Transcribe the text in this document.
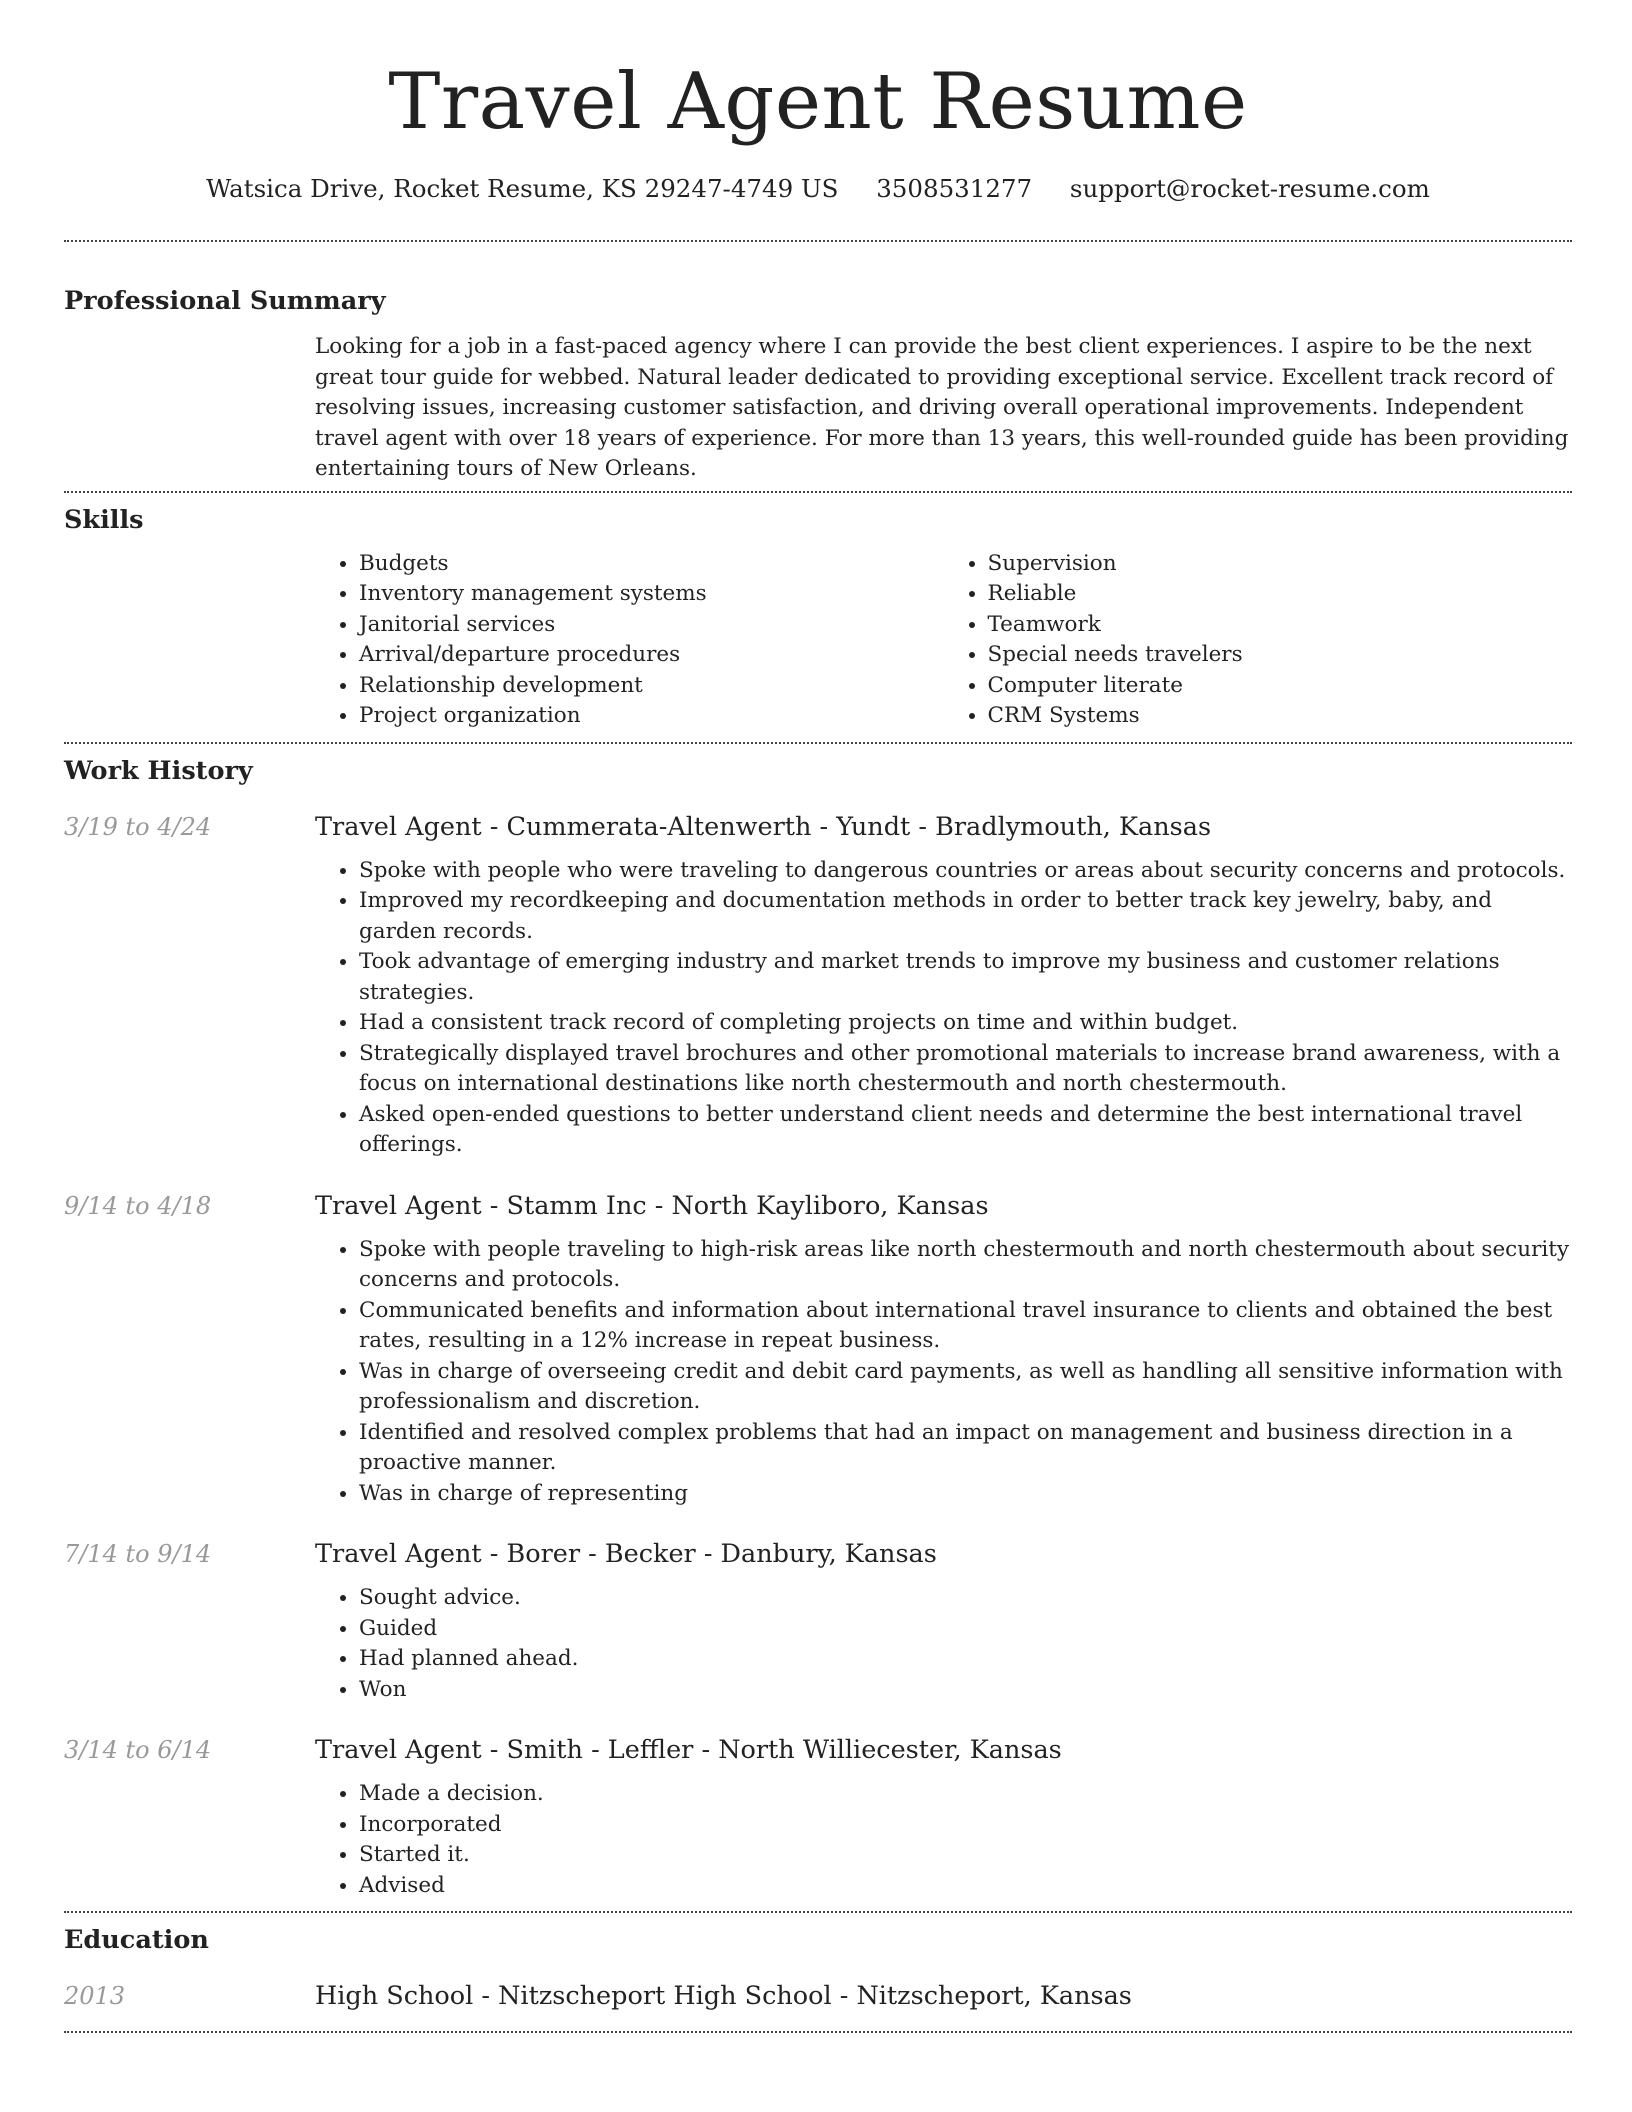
Travel Agent Resume
Watsica Drive, Rocket Resume, KS 29247-4749 US 3508531277 support@rocket-resume.com
Professional Summary

Looking for a job in a fast-paced agency where I can provide the best client experiences. I aspire to be the next great tour guide for webbed. Natural leader dedicated to providing exceptional service. Excellent track record of resolving issues, increasing customer satisfaction, and driving overall operational improvements. Independent travel agent with over 18 years of experience. For more than 13 years, this well-rounded guide has been providing entertaining tours of New Orleans.

Skills
• Budgets
• Inventory management systems
• Janitorial services
• Arrival/departure procedures
• Relationship development
• Project organization
• Supervision
• Reliable
• Teamwork
• Special needs travelers
• Computer literate
• CRM Systems
Work History
3/19 to 4/24	Travel Agent - Cummerata-Altenwerth - Yundt - Bradlymouth, Kansas
• Spoke with people who were traveling to dangerous countries or areas about security concerns and protocols.
• Improved my recordkeeping and documentation methods in order to better track key jewelry, baby, and garden records.
• Took advantage of emerging industry and market trends to improve my business and customer relations strategies.
• Had a consistent track record of completing projects on time and within budget.
• Strategically displayed travel brochures and other promotional materials to increase brand awareness, with a focus on international destinations like north chestermouth and north chestermouth.
• Asked open-ended questions to better understand client needs and determine the best international travel offerings.
9/14 to 4/18	Travel Agent - Stamm Inc - North Kayliboro, Kansas
• Spoke with people traveling to high-risk areas like north chestermouth and north chestermouth about security concerns and protocols.
• Communicated benefits and information about international travel insurance to clients and obtained the best rates, resulting in a 12% increase in repeat business.
• Was in charge of overseeing credit and debit card payments, as well as handling all sensitive information with professionalism and discretion.
• Identified and resolved complex problems that had an impact on management and business direction in a proactive manner.
• Was in charge of representing
7/14 to 9/14	Travel Agent - Borer - Becker - Danbury, Kansas
• Sought advice.
• Guided
• Had planned ahead.
• Won
3/14 to 6/14	Travel Agent - Smith - Leffler - North Williecester, Kansas
• Made a decision.
• Incorporated
• Started it.
• Advised
Education
2013	High School - Nitzscheport High School - Nitzscheport, Kansas
